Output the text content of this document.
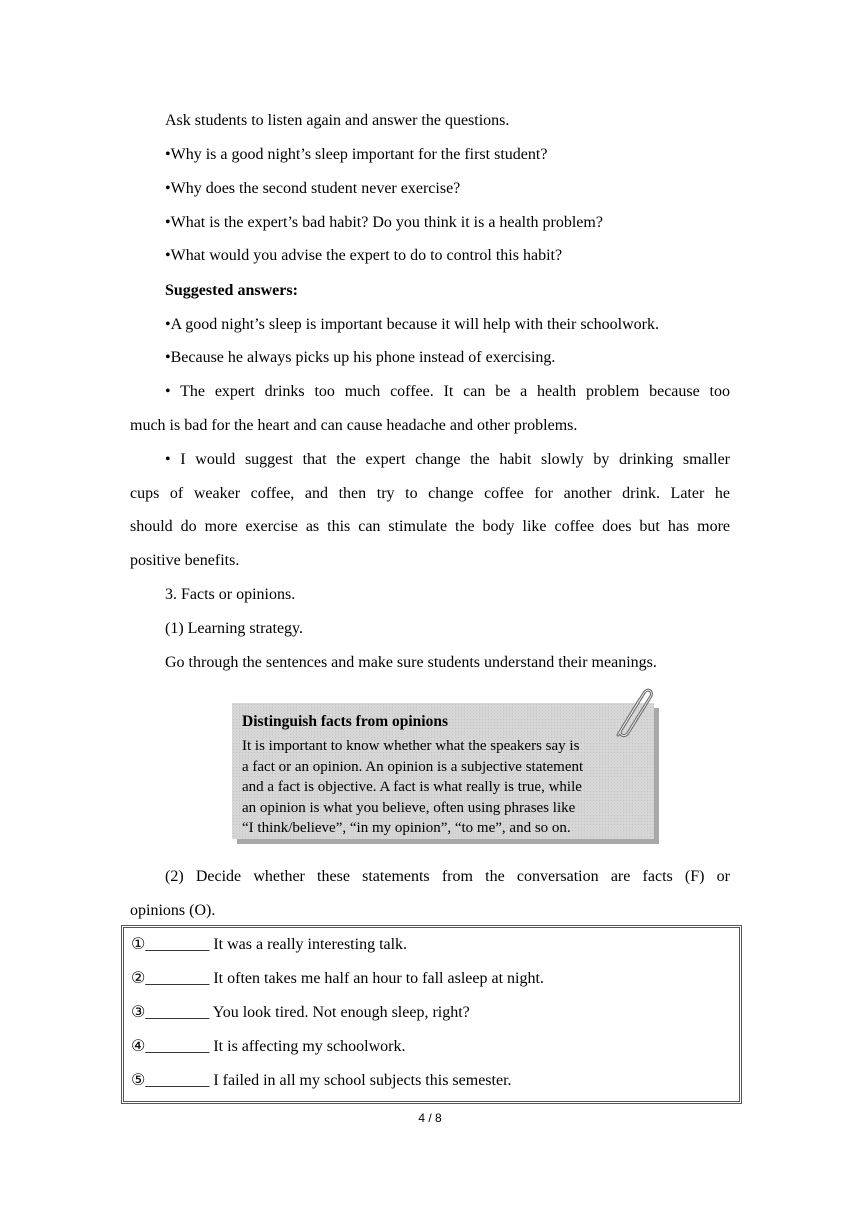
Ask students to listen again and answer the questions.
•Why is a good night’s sleep important for the first student?
•Why does the second student never exercise?
•What is the expert’s bad habit? Do you think it is a health problem?
•What would you advise the expert to do to control this habit?
Suggested answers:
•A good night’s sleep is important because it will help with their schoolwork.
•Because he always picks up his phone instead of exercising.
• The expert drinks too much coffee. It can be a health problem because too
much is bad for the heart and can cause headache and other problems.
• I would suggest that the expert change the habit slowly by drinking smaller
cups of weaker coffee, and then try to change coffee for another drink. Later he
should do more exercise as this can stimulate the body like coffee does but has more
positive benefits.
3. Facts or opinions.
(1) Learning strategy.
Go through the sentences and make sure students understand their meanings.
Distinguish facts from opinions
It is important to know whether what the speakers say is
a fact or an opinion. An opinion is a subjective statement
and a fact is objective. A fact is what really is true, while
an opinion is what you believe, often using phrases like
“I think/believe”, “in my opinion”, “to me”, and so on.
(2) Decide whether these statements from the conversation are facts (F) or
opinions (O).
①________ It was a really interesting talk.
②________ It often takes me half an hour to fall asleep at night.
③________ You look tired. Not enough sleep, right?
④________ It is affecting my schoolwork.
⑤________ I failed in all my school subjects this semester.
4 / 8
